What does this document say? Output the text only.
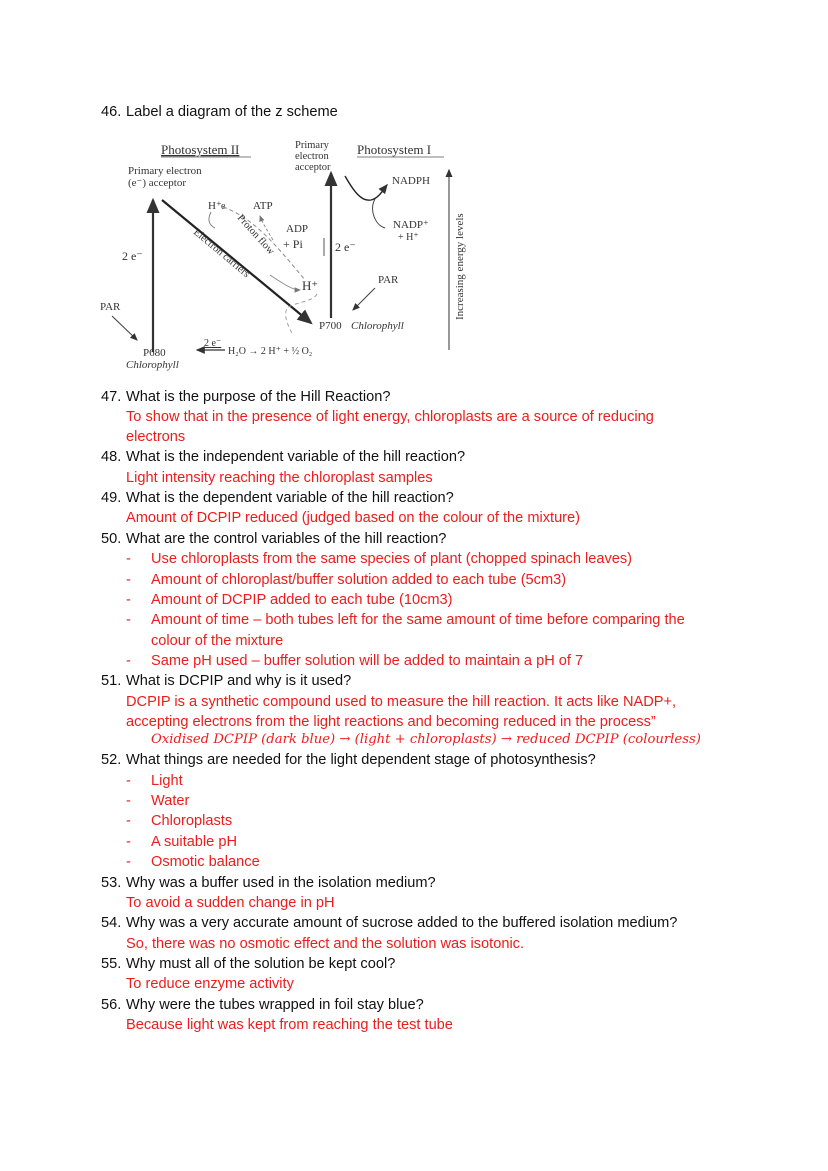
46. Label a diagram of the z scheme
Photosystem II	Photosystem I
Primary electron
(e⁻) acceptor
Primary
electron
acceptor
2 e⁻	Electron carriers
Proton flow
H⁺ e	ATP
ADP
+ Pi
H⁺
2 e⁻
NADPH
NADP⁺
+ H⁺
PAR
P700 Chlorophyll
PAR
P680
Chlorophyll
2 e⁻
H₂O → 2 H⁺ + ½ O₂
Increasing energy levels
47. What is the purpose of the Hill Reaction?
To show that in the presence of light energy, chloroplasts are a source of reducing
electrons
48. What is the independent variable of the hill reaction?
Light intensity reaching the chloroplast samples
49. What is the dependent variable of the hill reaction?
Amount of DCPIP reduced (judged based on the colour of the mixture)
50. What are the control variables of the hill reaction?
- Use chloroplasts from the same species of plant (chopped spinach leaves)
- Amount of chloroplast/buffer solution added to each tube (5cm3)
- Amount of DCPIP added to each tube (10cm3)
- Amount of time – both tubes left for the same amount of time before comparing the
colour of the mixture
- Same pH used – buffer solution will be added to maintain a pH of 7
51. What is DCPIP and why is it used?
DCPIP is a synthetic compound used to measure the hill reaction. It acts like NADP+,
accepting electrons from the light reactions and becoming reduced in the process”
Oxidised DCPIP (dark blue) → (light + chloroplasts) → reduced DCPIP (colourless)
52. What things are needed for the light dependent stage of photosynthesis?
- Light
- Water
- Chloroplasts
- A suitable pH
- Osmotic balance
53. Why was a buffer used in the isolation medium?
To avoid a sudden change in pH
54. Why was a very accurate amount of sucrose added to the buffered isolation medium?
So, there was no osmotic effect and the solution was isotonic.
55. Why must all of the solution be kept cool?
To reduce enzyme activity
56. Why were the tubes wrapped in foil stay blue?
Because light was kept from reaching the test tube
